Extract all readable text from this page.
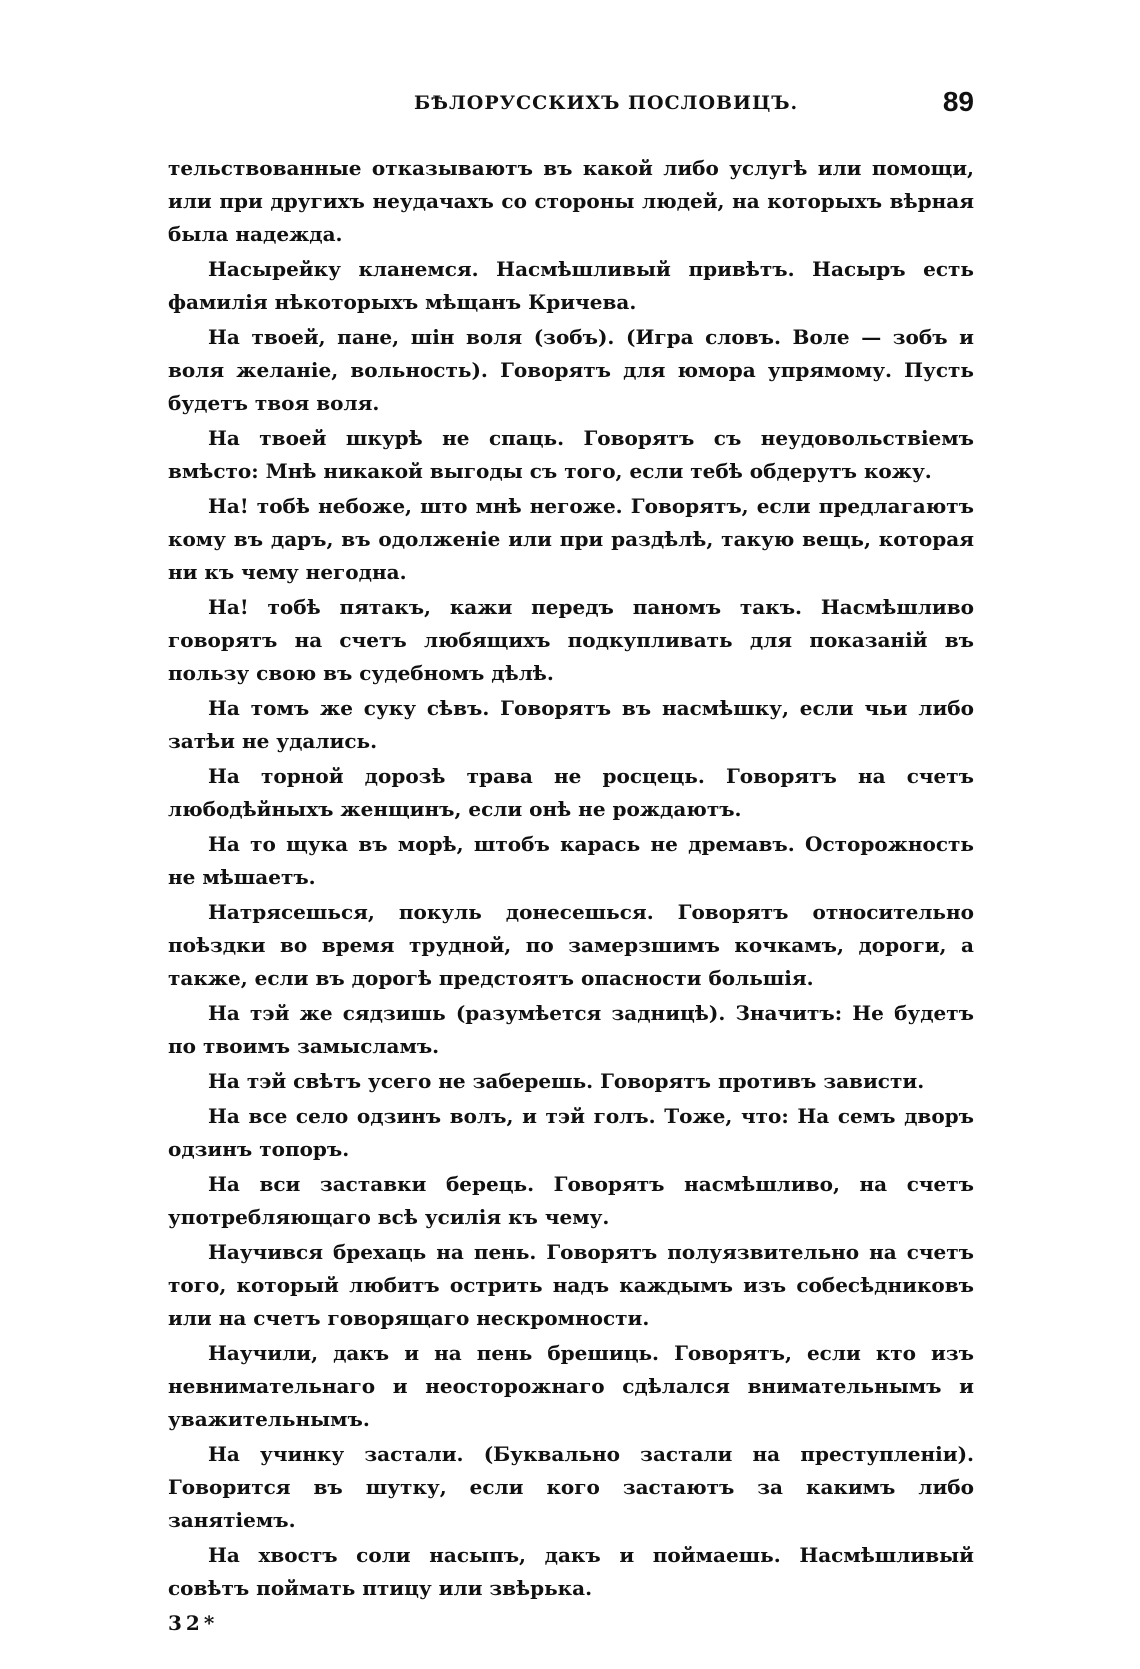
БѢЛОРУССКИХЪ ПОСЛОВИЦЪ.	89

тельствованные отказываютъ въ какой либо услугѣ или помощи, или при другихъ неудачахъ со стороны людей, на которыхъ вѣрная была надежда.

Насырейку кланемся. Насмѣшливый привѣтъ. Насыръ есть фамилія нѣкоторыхъ мѣщанъ Кричева.

На твоей, пане, шін воля (зобъ). (Игра словъ. Воле — зобъ и воля желаніе, вольность). Говорятъ для юмора упрямому. Пусть будетъ твоя воля.

На твоей шкурѣ не спаць. Говорятъ съ неудовольствіемъ вмѣсто: Мнѣ никакой выгоды съ того, если тебѣ обдерутъ кожу.

На! тобѣ небоже, што мнѣ негоже. Говорятъ, если предлагаютъ кому въ даръ, въ одолженіе или при раздѣлѣ, такую вещь, которая ни къ чему негодна.

На! тобѣ пятакъ, кажи передъ паномъ такъ. Насмѣшливо говорятъ на счетъ любящихъ подкупливать для показаній въ пользу свою въ судебномъ дѣлѣ.

На томъ же суку сѣвъ. Говорятъ въ насмѣшку, если чьи либо затѣи не удались.

На торной дорозѣ трава не росцець. Говорятъ на счетъ любодѣйныхъ женщинъ, если онѣ не рождаютъ.

На то щука въ морѣ, штобъ карась не дремавъ. Осторожность не мѣшаетъ.

Натрясешься, покуль донесешься. Говорятъ относительно поѣздки во время трудной, по замерзшимъ кочкамъ, дороги, а также, если въ дорогѣ предстоятъ опасности большія.

На тэй же сядзишь (разумѣется задницѣ). Значитъ: Не будетъ по твоимъ замысламъ.

На тэй свѣтъ усего не заберешь. Говорятъ противъ зависти.

На все село одзинъ волъ, и тэй голъ. Тоже, что: На семъ дворъ одзинъ топоръ.

На вси заставки берець. Говорятъ насмѣшливо, на счетъ употребляющаго всѣ усилія къ чему.

Научився брехаць на пень. Говорятъ полуязвительно на счетъ того, который любитъ острить надъ каждымъ изъ собесѣдниковъ или на счетъ говорящаго нескромности.

Научили, дакъ и на пень брешиць. Говорятъ, если кто изъ невнимательнаго и неосторожнаго сдѣлался внимательнымъ и уважительнымъ.

На учинку застали. (Буквально застали на преступленіи). Говорится въ шутку, если кого застаютъ за какимъ либо занятіемъ.

На хвостъ соли насыпъ, дакъ и поймаешь. Насмѣшливый совѣтъ поймать птицу или звѣрька.

32*
